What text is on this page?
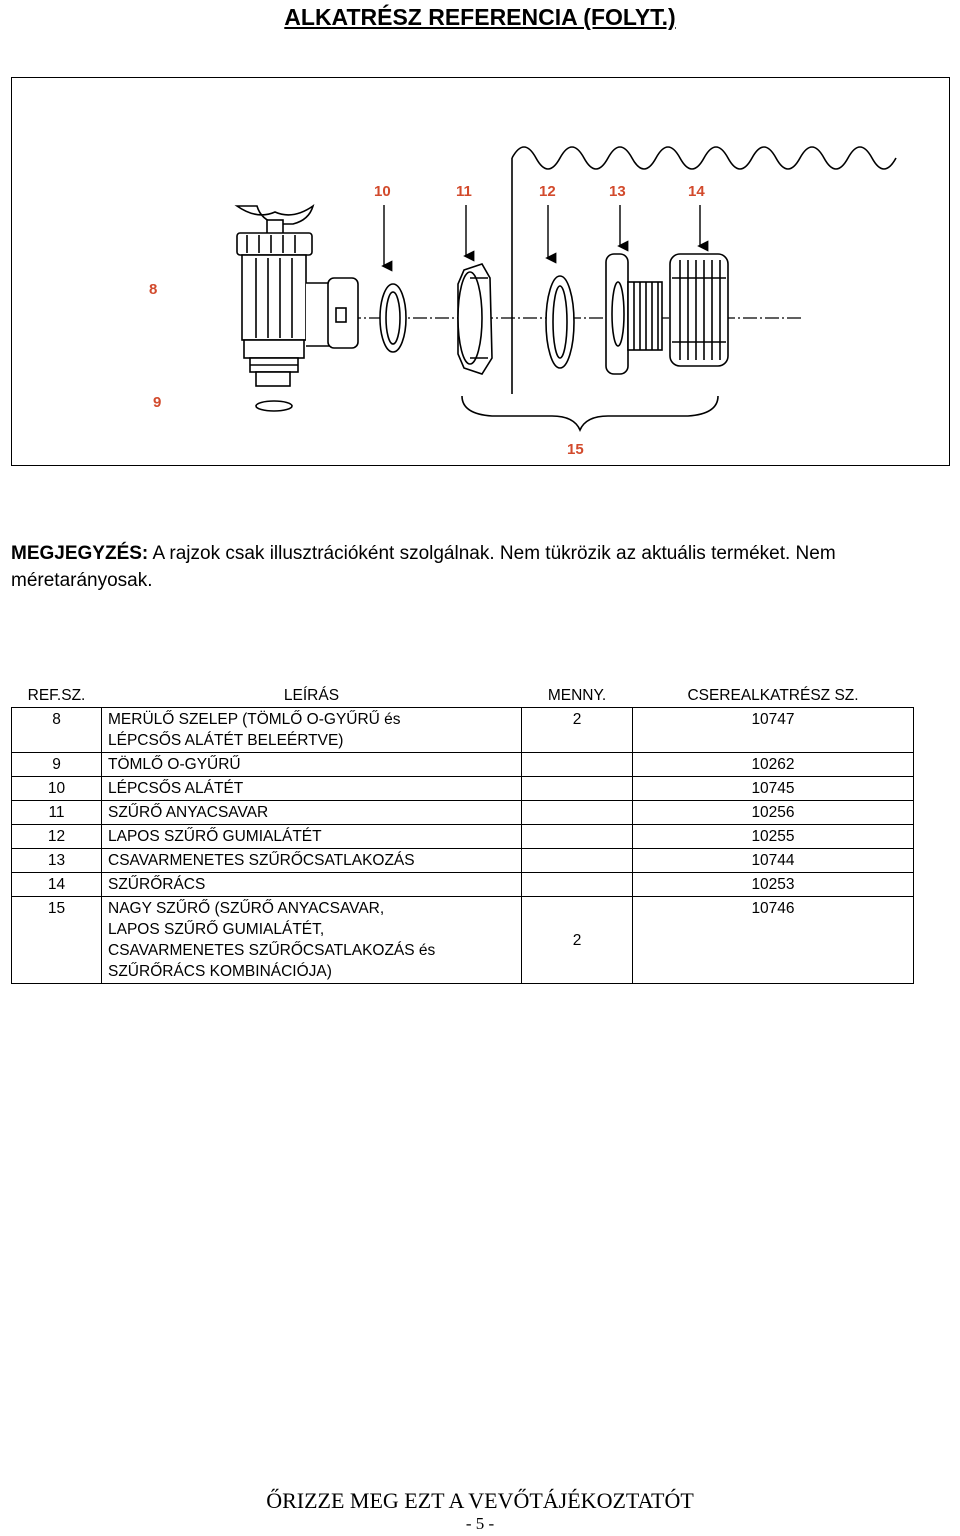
ALKATRÉSZ REFERENCIA (FOLYT.)
8
9
10	11	12	13	14
15
MEGJEGYZÉS: A rajzok csak illusztrációként szolgálnak. Nem tükrözik az aktuális terméket. Nem méretarányosak.
REF.SZ.	LEÍRÁS	MENNY.	CSEREALKATRÉSZ SZ.
8	MERÜLŐ SZELEP (TÖMLŐ O-GYŰRŰ és
LÉPCSŐS ALÁTÉT BELEÉRTVE)	2	10747
9	TÖMLŐ O-GYŰRŰ		10262
10	LÉPCSŐS ALÁTÉT		10745
11	SZŰRŐ ANYACSAVAR		10256
12	LAPOS SZŰRŐ GUMIALÁTÉT		10255
13	CSAVARMENETES SZŰRŐCSATLAKOZÁS		10744
14	SZŰRŐRÁCS		10253
15	NAGY SZŰRŐ (SZŰRŐ ANYACSAVAR,
LAPOS SZŰRŐ GUMIALÁTÉT,
CSAVARMENETES SZŰRŐCSATLAKOZÁS és
SZŰRŐRÁCS KOMBINÁCIÓJA)	2	10746
ŐRIZZE MEG EZT A VEVŐTÁJÉKOZTATÓT
- 5 -
